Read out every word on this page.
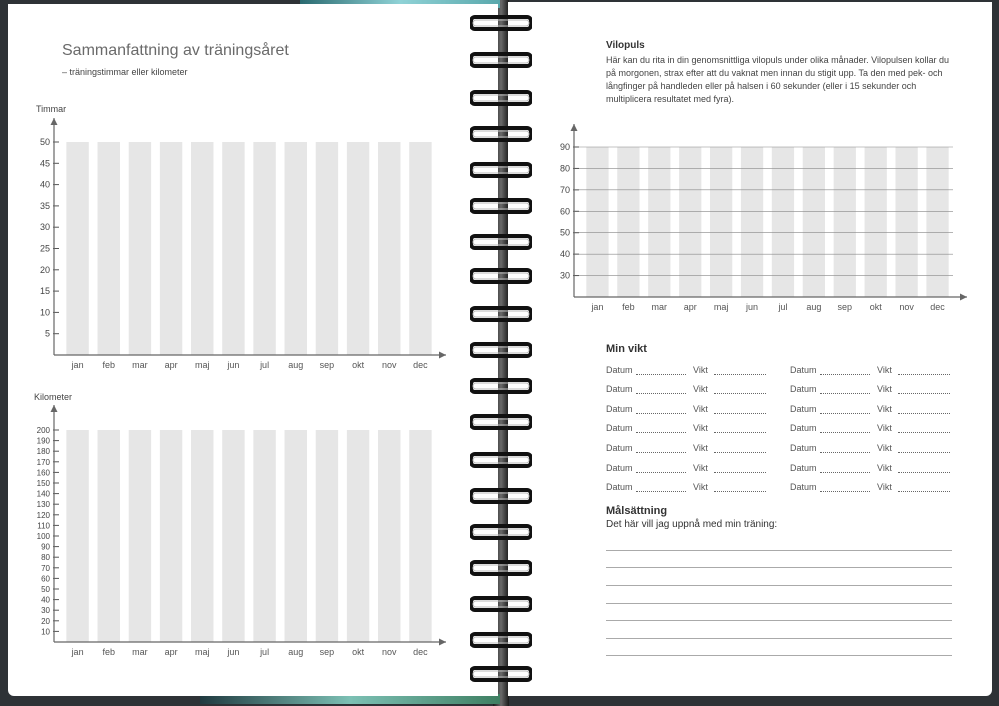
Sammanfattning av träningsåret
– träningstimmar eller kilometer
Timmar
Kilometer
jan feb mar apr maj jun jul aug sep okt nov dec
5
10
15
20
25
30
35
40
45
50
jan feb mar apr maj jun jul aug sep okt nov dec
10
20
30
40
50
60
70
80
90
100
110
120
130
140
150
160
170
180
190
200
jan feb mar apr maj jun jul aug sep okt nov dec
30
40
50
60
70
80
90
Vilopuls
Här kan du rita in din genomsnittliga vilopuls under olika månader. Vilopulsen kollar du på morgonen, strax efter att du vaknat men innan du stigit upp. Ta den med pek- och långfinger på handleden eller på halsen i 60 sekunder (eller i 15 sekunder och multiplicera resultatet med fyra).
Min vikt
Datum	Vikt	Datum	Vikt
Datum	Vikt	Datum	Vikt
Datum	Vikt	Datum	Vikt
Datum	Vikt	Datum	Vikt
Datum	Vikt	Datum	Vikt
Datum	Vikt	Datum	Vikt
Datum	Vikt	Datum	Vikt
Målsättning
Det här vill jag uppnå med min träning:
